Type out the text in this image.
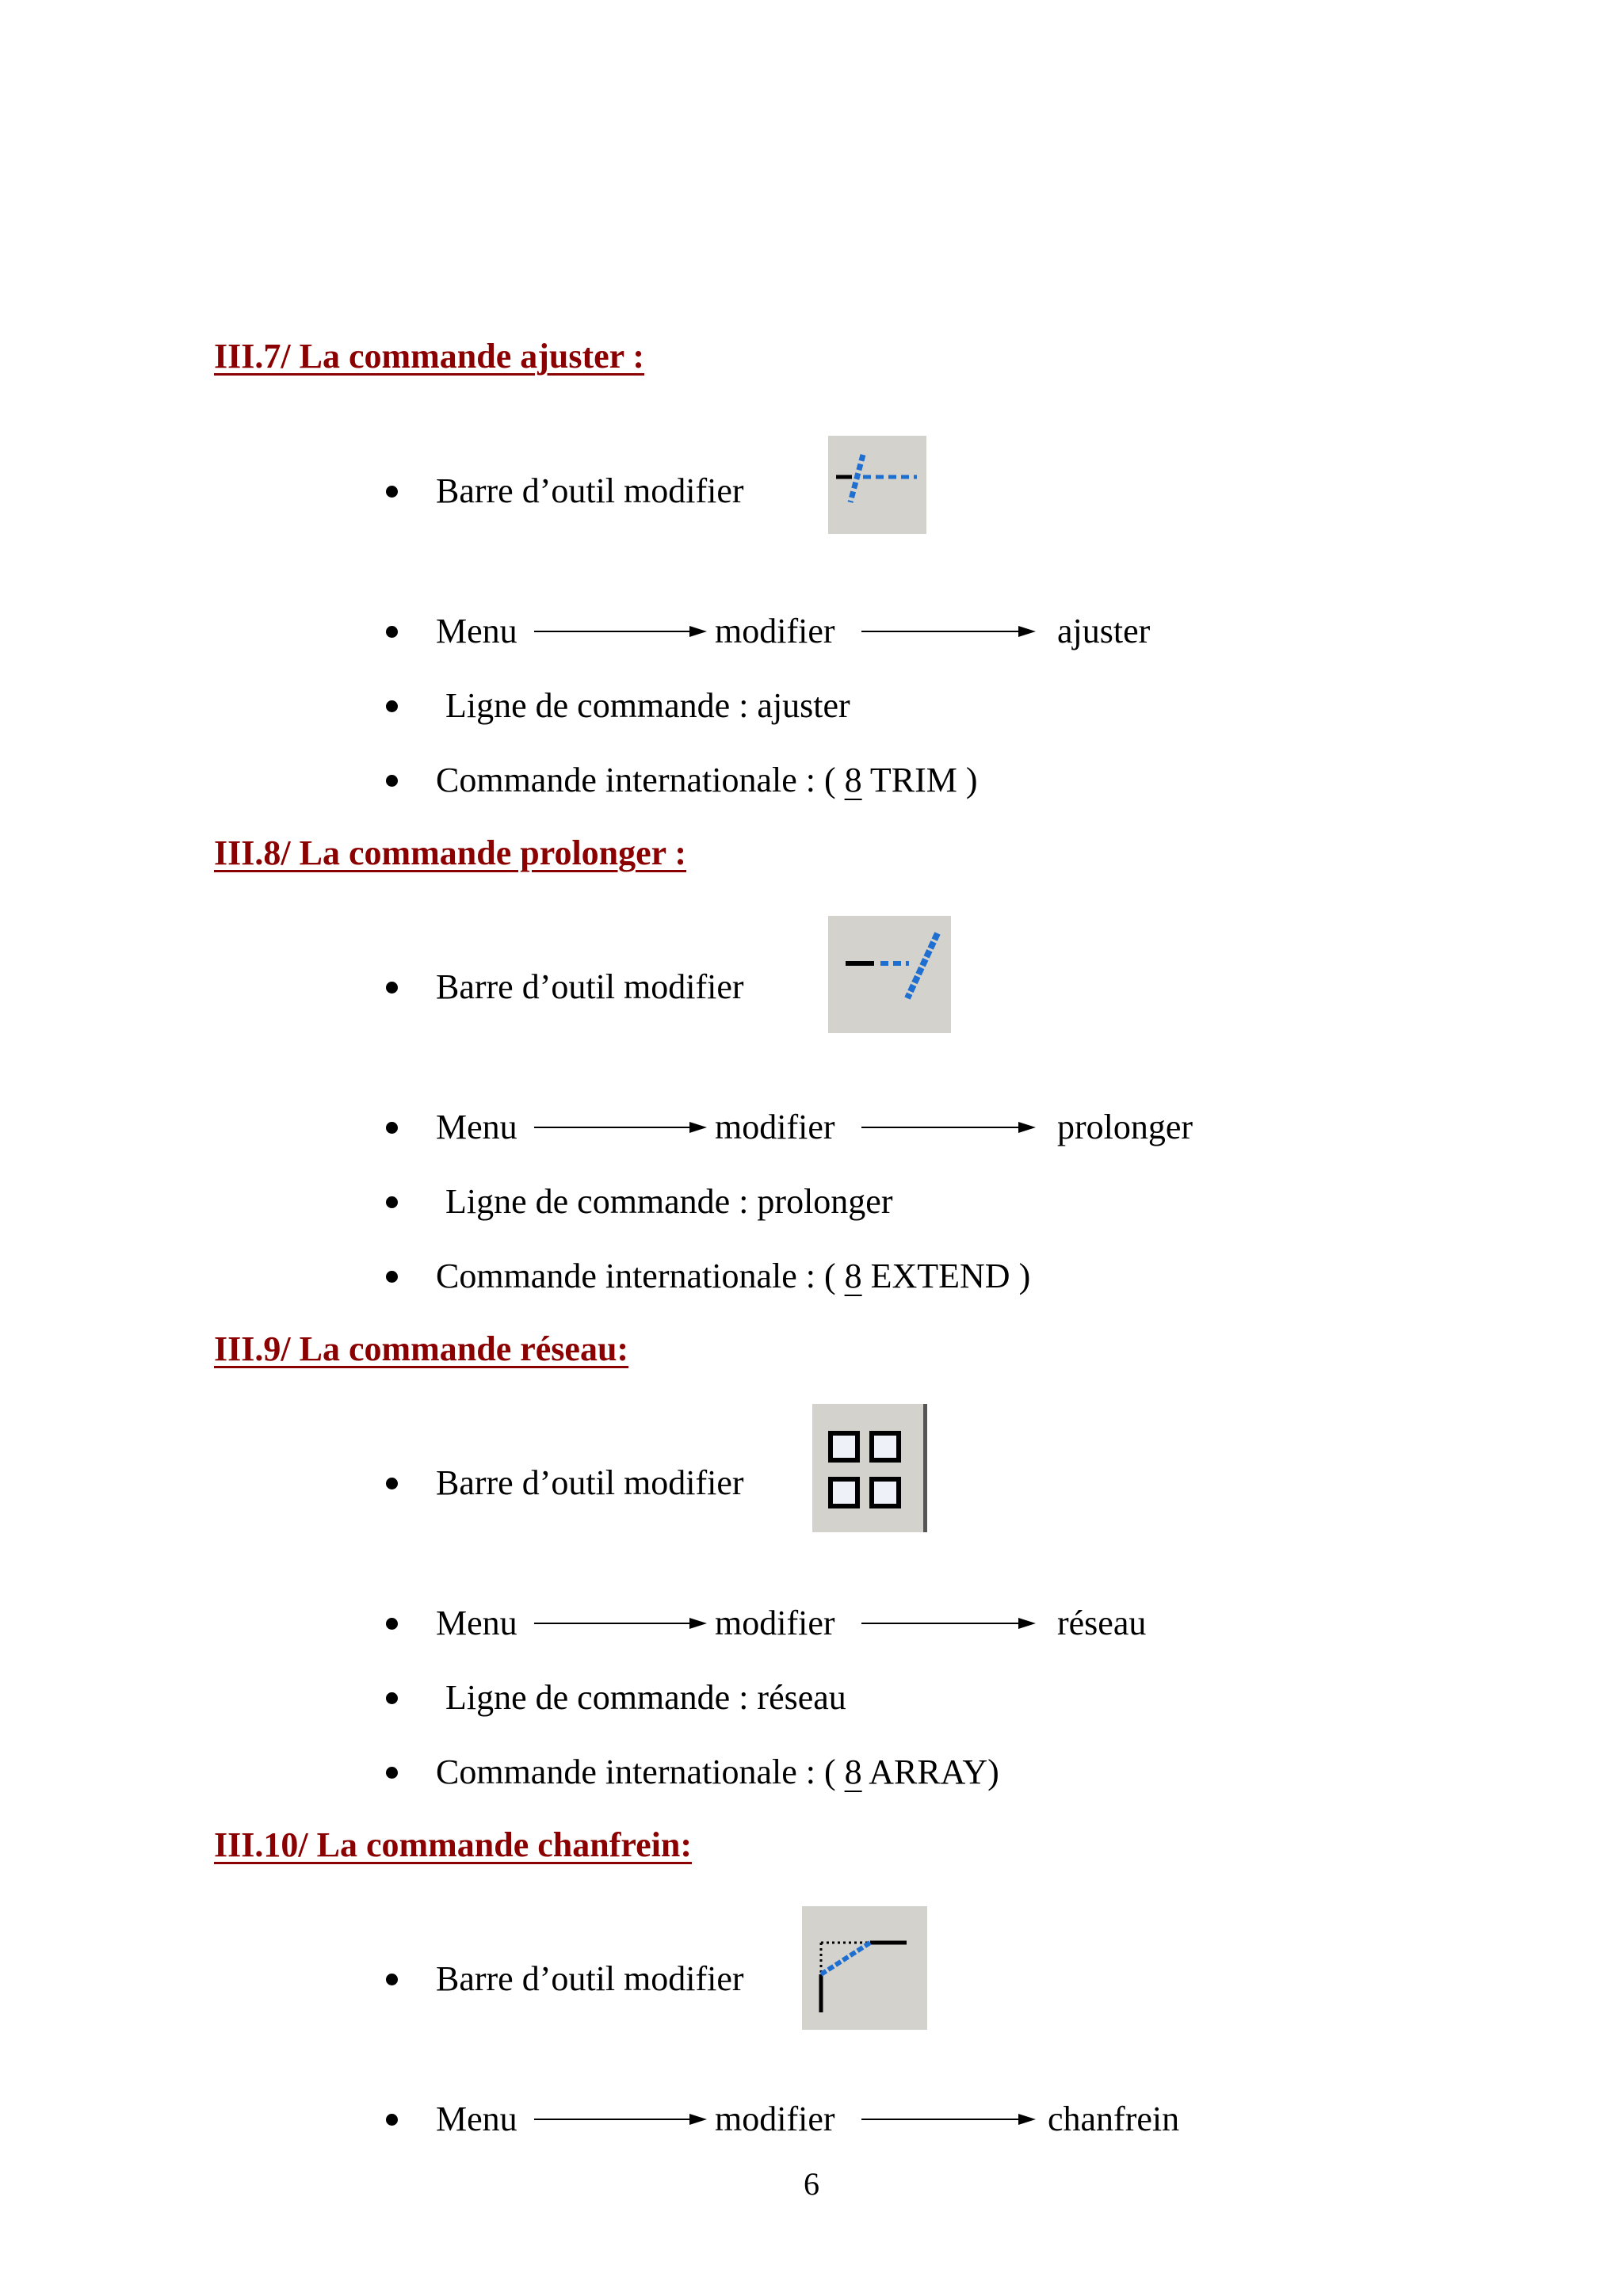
III.7/ La commande ajuster :
Barre d’outil modifier
Menu	modifier	ajuster
Ligne de commande : ajuster
Commande internationale : ( 8 TRIM )
III.8/ La commande prolonger :
Barre d’outil modifier
Menu	modifier	prolonger
Ligne de commande : prolonger
Commande internationale : ( 8 EXTEND )
III.9/ La commande réseau:
Barre d’outil modifier
Menu	modifier	réseau
Ligne de commande : réseau
Commande internationale : ( 8 ARRAY)
III.10/ La commande chanfrein:
Barre d’outil modifier
Menu	modifier	chanfrein
6
